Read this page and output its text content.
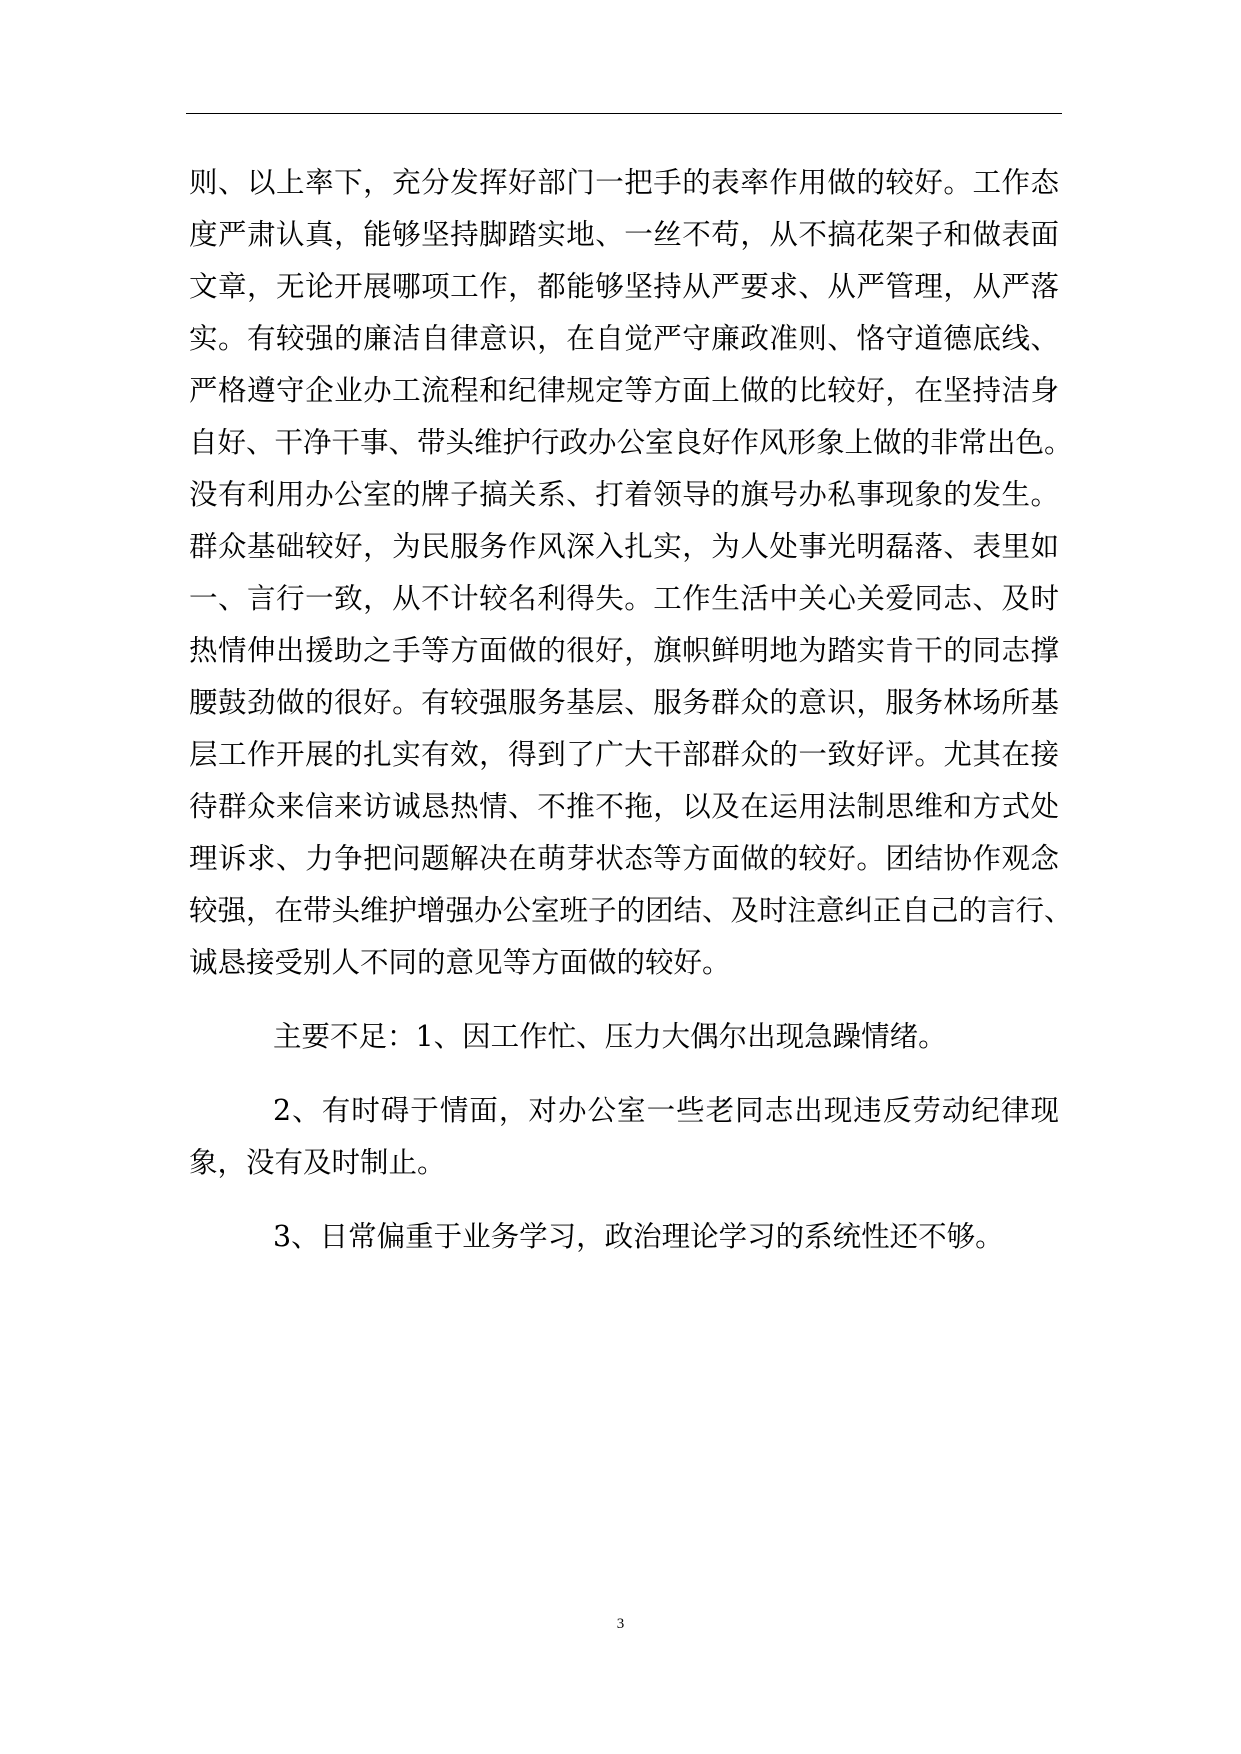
则、以上率下，充分发挥好部门一把手的表率作用做的较好。工作态
度严肃认真，能够坚持脚踏实地、一丝不苟，从不搞花架子和做表面
文章，无论开展哪项工作，都能够坚持从严要求、从严管理，从严落
实。有较强的廉洁自律意识，在自觉严守廉政准则、恪守道德底线、
严格遵守企业办工流程和纪律规定等方面上做的比较好，在坚持洁身
自好、干净干事、带头维护行政办公室良好作风形象上做的非常出色。
没有利用办公室的牌子搞关系、打着领导的旗号办私事现象的发生。
群众基础较好，为民服务作风深入扎实，为人处事光明磊落、表里如
一、言行一致，从不计较名利得失。工作生活中关心关爱同志、及时
热情伸出援助之手等方面做的很好，旗帜鲜明地为踏实肯干的同志撑
腰鼓劲做的很好。有较强服务基层、服务群众的意识，服务林场所基
层工作开展的扎实有效，得到了广大干部群众的一致好评。尤其在接
待群众来信来访诚恳热情、不推不拖，以及在运用法制思维和方式处
理诉求、力争把问题解决在萌芽状态等方面做的较好。团结协作观念
较强，在带头维护增强办公室班子的团结、及时注意纠正自己的言行、
诚恳接受别人不同的意见等方面做的较好。
主要不足：1、因工作忙、压力大偶尔出现急躁情绪。
2、有时碍于情面，对办公室一些老同志出现违反劳动纪律现
象，没有及时制止。
3、日常偏重于业务学习，政治理论学习的系统性还不够。
3
